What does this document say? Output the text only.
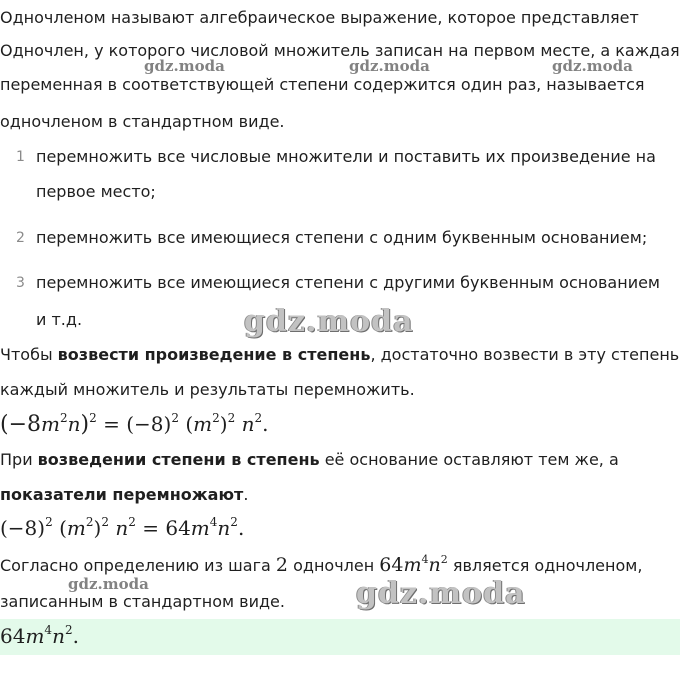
Одночленом называют алгебраическое выражение, которое представляет
Одночлен, у которого числовой множитель записан на первом месте, а каждая
gdz.moda	gdz.moda	gdz.moda
переменная в соответствующей степени содержится один раз, называется
одночленом в стандартном виде.
1 перемножить все числовые множители и поставить их произведение на
первое место;
2 перемножить все имеющиеся степени с одним буквенным основанием;
3 перемножить все имеющиеся степени с другими буквенным основанием
и т.д.	gdz.moda
Чтобы возвести произведение в степень, достаточно возвести в эту степень
каждый множитель и результаты перемножить.
$(-8m^2n)^2 = (-8)^2$ $(m^2)^2$ $n^2$.
При возведении степени в степень её основание оставляют тем же, а
показатели перемножают.
$(-8)^2$ $(m^2)^2$ $n^2 = 64m^4n^2$.
Согласно определению из шага 2 одночлен $64m^4n^2$ является одночленом,
gdz.moda
записанным в стандартном виде. gdz.moda
$64m^4n^2$.
